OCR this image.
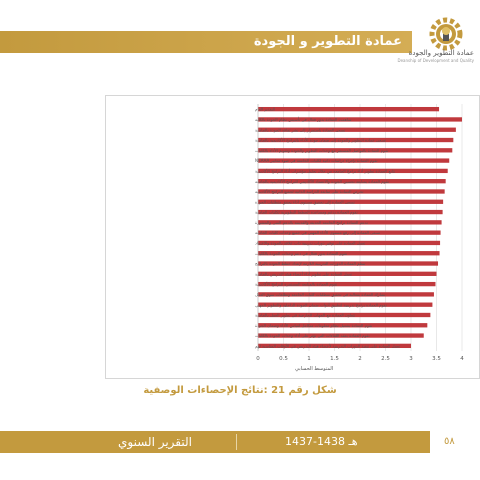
عمادة التطوير و الجودة
عمادة التطوير والجودة
Deanship of Development and Quality
0	0.5	1	1.5	2	2.5	3	3.5	4
التقدير العام
ساهمت العمادة بدور فعال في تأسيس نظام الجودة بالكلية
تسعى العمادة باستمرار إلى نشر ثقافة الجودة بالجامعة
تسعى عمادة التطوير والجودة إلى ضمان جودة الأداء بالبرامج الأكاديمية بالجامعة
تقوم العمادة بالتواصل المستمر مع وحدات التطوير والجودة وتقويم الأداء بالكليات
تقوم العمادة بإجراء دراسات ذاتية لكليات الجامعة في ضوء معايير NCAAA
تتابع العمادة تطوير أداء برامج الجامعة من خلال تحليل مؤشرات أداء البرامج الأكاديمية
تقوم العمادة بمتابعة تحسين الجودة والاعتماد الأكاديمي للبرامج الأكاديمية بالجامعة
تحرص العمادة على متابعة الدراسة الذاتية لجميع البرامج الأكاديمية
تسعى العمادة إلى تحقيق مستوى أداء يحقق متطلبات الجودة
تقوم العمادة بدعم ومساعدة الخطط التطويرية لكليات الجامعة
تدعم العمادة برامج الجامعة الحديثة والقديمة بالدعم الفني والمشورة
تسعى العمادة إلى رفع مستوى الأداء المهني في جميع وحدات كليات الجامعة
تعمل العمادة على توفير دورات تدريبية ذات علاقة بالجودة والاعتماد
تقوم العمادة بدور فعال في دعم وحدات الجودة بالكليات
تنظم العمادة الدورات التدريبية اللازمة لإعداد خطط الجودة بالبرامج
تعمل العمادة على تطوير أداء أعضاء هيئة التدريس بالجامعة
تقوم العمادة بالمتابعة المستمرة للبرامج الأكاديمية
تشارك العمادة بفعالية في تحقيق متطلبات كليات الجامعة وتطلعات سوق العمل
تقوم العمادة برامج تدريبية لتطبيق أدوات ضمان الجودة الداخلية والتطوير المهني
تتعاون العمادة مع الجهات الخارجية في تطوير العمل بالجامعة
تقوم العمادة بتفعيل نظام معلومات متكامل لقياس الأداء وضمان الجودة
تقوم العمادة بعقد اللقاءات التي تؤثر على أداء وحدات الجودة بالكليات
تعمل العمادة على تنفيذ الدورات التدريبية لأعضاء هيئة التدريس في الأوقات المناسبة لهم
المتوسط الحسابي
شكل رقم 21 :نتائج الإحصاءات الوصفية
التقرير السنوي	1437-1438 هـ	٥٨
